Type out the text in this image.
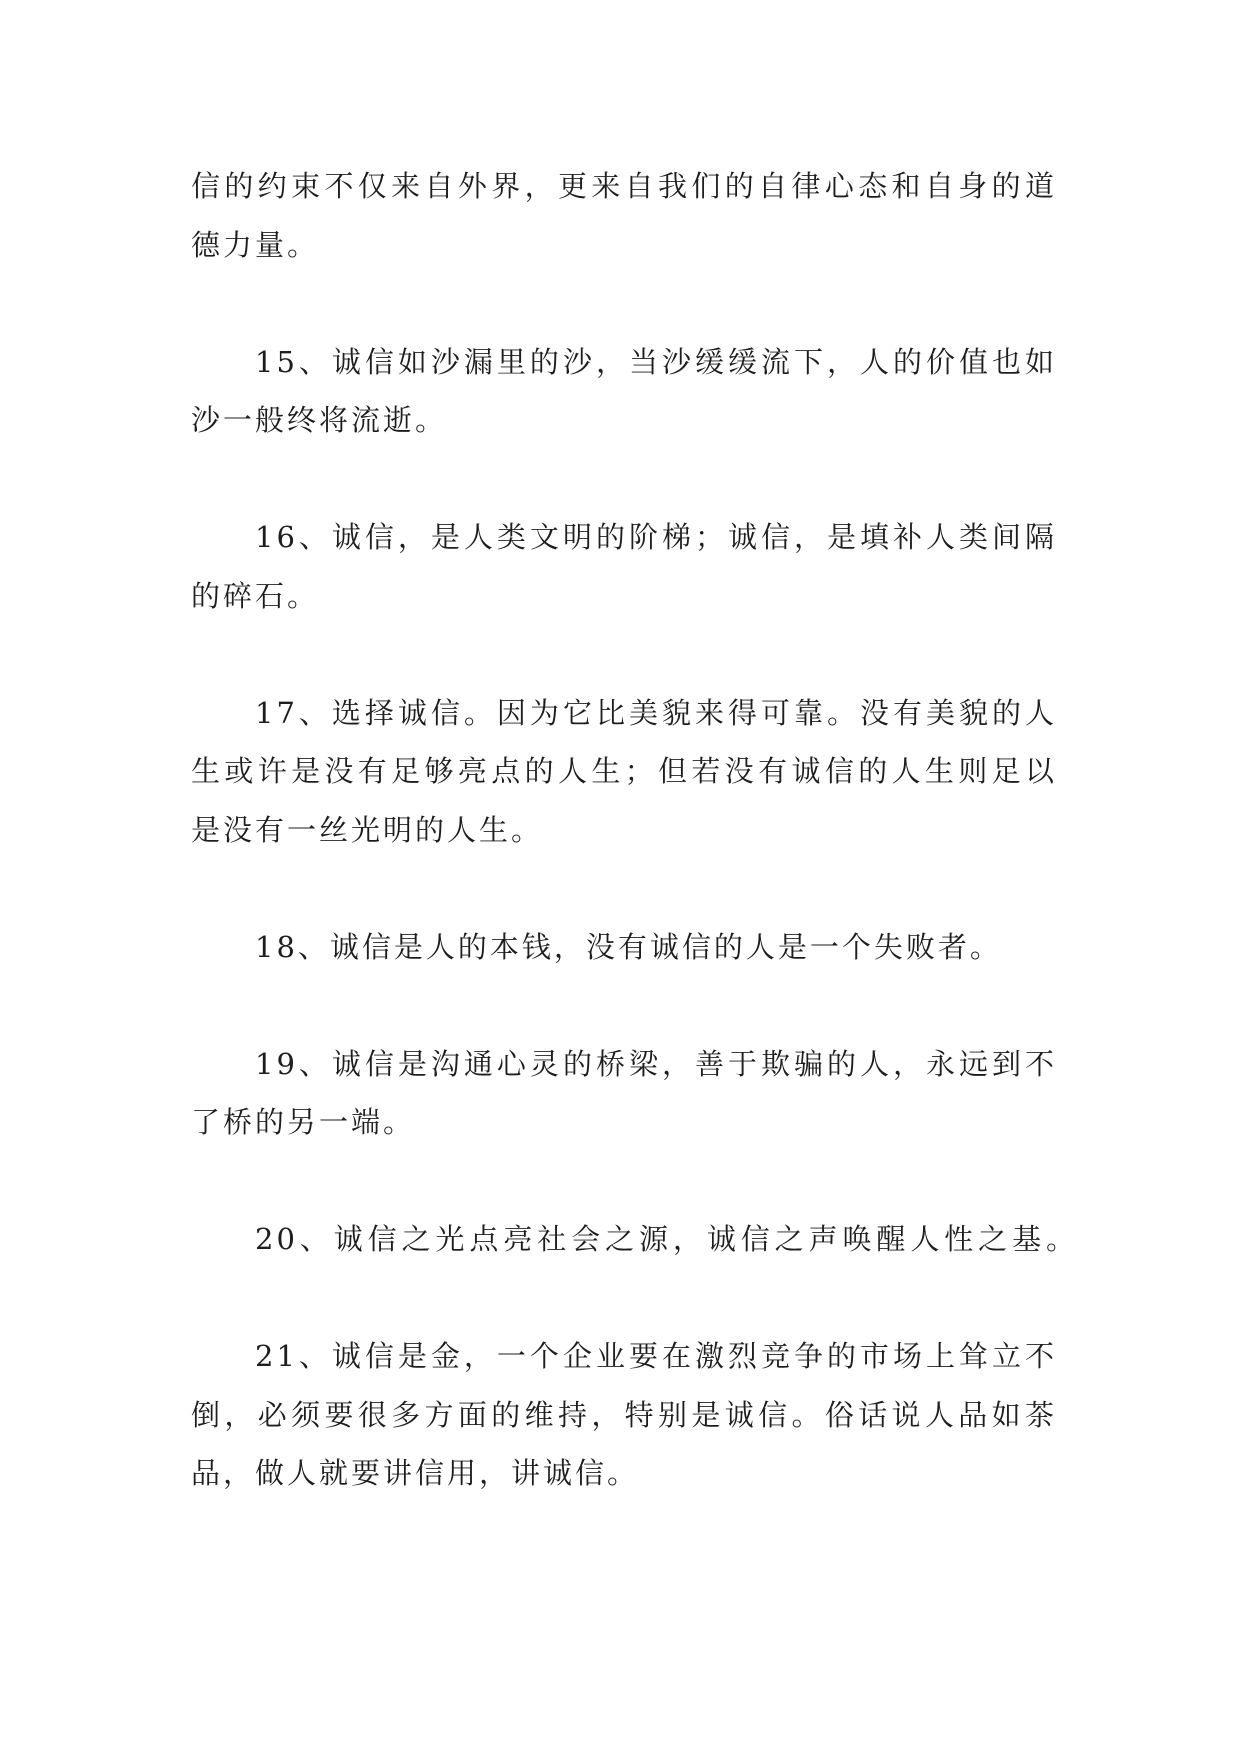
信的约束不仅来自外界，更来自我们的自律心态和自身的道
德力量。
15、诚信如沙漏里的沙，当沙缓缓流下，人的价值也如
沙一般终将流逝。
16、诚信，是人类文明的阶梯；诚信，是填补人类间隔
的碎石。
17、选择诚信。因为它比美貌来得可靠。没有美貌的人
生或许是没有足够亮点的人生；但若没有诚信的人生则足以
是没有一丝光明的人生。
18、诚信是人的本钱，没有诚信的人是一个失败者。
19、诚信是沟通心灵的桥梁，善于欺骗的人，永远到不
了桥的另一端。
20、诚信之光点亮社会之源，诚信之声唤醒人性之基。
21、诚信是金，一个企业要在激烈竞争的市场上耸立不
倒，必须要很多方面的维持，特别是诚信。俗话说人品如茶
品，做人就要讲信用，讲诚信。
